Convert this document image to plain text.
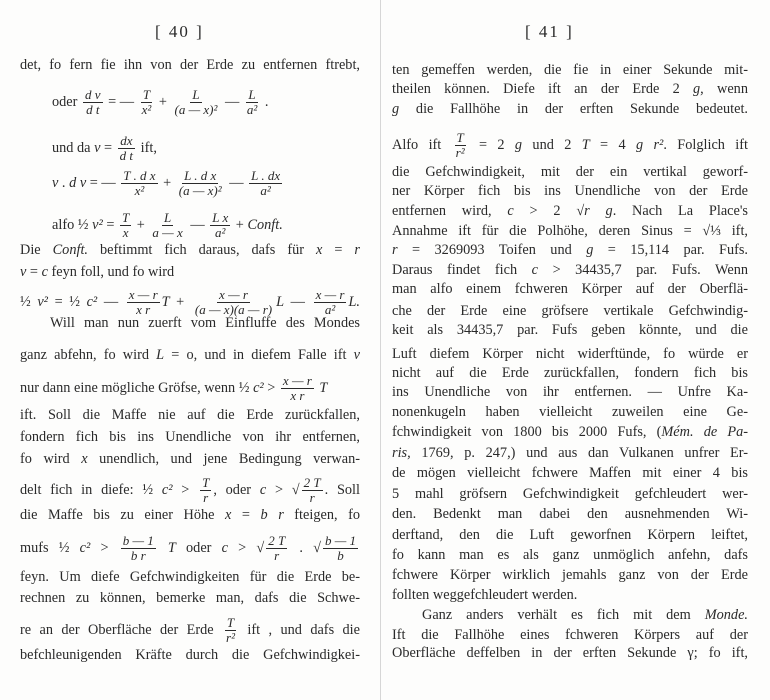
[ 40 ]	[ 41 ]
det, fo fern fie ihn von der Erde zu entfernen ftrebt,
oder $\frac{\text{d v}}{\text{d t}}$ = — $\frac{T}{\text{x²}} + \frac{L}{\text{(a — x)²}}$ — $\frac{L}{\text{a²}}$ .
und da $v = \frac{dx}{\text{d t}}$ ift,
v . d v = — $\frac{\text{T . d x}}{\text{x²}} + \frac{\text{L . d x}}{\text{(a — x)²}}$ — $\frac{L . dx}{\text{a²}}$
alfo ½ $v^2 = \frac{T}{x} + \frac{L}{a — x}$ — $\frac{\text{L x}}{\text{a²}}$ + Conft.
Die Conft. beftimmt fich daraus, dafs für x = r
v = c feyn foll, und fo wird
½ v² = ½ c² — $\frac{x — r}{\text{x r}}$ $T + \frac{x — r}{(a — x)(a — r)}$ L — $\frac{x — r}{\text{a²}} L$.
Will man nun zuerft vom Einfluffe des Mondes
ganz abfehn, fo wird L = o, und in diefem Falle ift v
nur dann eine mögliche Gröfse, wenn ½ $c^2 > \frac{x — r}{\text{x r}}$ T
ift. Soll die Maffe nie auf die Erde zurückfallen,
fondern fich bis ins Unendliche von ihr entfernen,
fo wird x unendlich, und jene Bedingung verwan-
delt fich in diefe: ½ $c^2 > \frac{T}{r}$ , oder c > √ $\frac{2 T}{r}$ . Soll
die Maffe bis zu einer Höhe x = b r fteigen, fo
mufs ½ $c^2 > \frac{b — 1}{\text{b r}}$ T oder c > √ $\frac{2 T}{r}$ . √ $\frac{b — 1}{b}$
feyn. Um diefe Gefchwindigkeiten für die Erde be-
rechnen zu können, bemerke man, dafs die Schwe-
re an der Oberfläche der Erde $\frac{T}{\text{r²}}$ ift , und dafs die
befchleunigenden Kräfte durch die Gefchwindigkei-
ten gemeffen werden, die fie in einer Sekunde mit-
theilen können. Diefe ift an der Erde 2 g, wenn
g die Fallhöhe in der erften Sekunde bedeutet.
Alfo ift $\frac{T}{\text{r²}} = 2$ g und 2 T = 4 g r². Folglich ift
die Gefchwindigkeit, mit der ein vertikal geworf-
ner Körper fich bis ins Unendliche von der Erde
entfernen wird, c > 2 √r g. Nach La Place's
Annahme ift für die Polhöhe, deren Sinus = √⅓ ift,
r = 3269093 Toifen und g = 15,114 par. Fufs.
Daraus findet fich c > 34435,7 par. Fufs. Wenn
man alfo einem fchweren Körper auf der Oberflä-
che der Erde eine gröfsere vertikale Gefchwindig-
keit als 34435,7 par. Fufs geben könnte, und die
Luft diefem Körper nicht widerftünde, fo würde er
nicht auf die Erde zurückfallen, fondern fich bis
ins Unendliche von ihr entfernen. — Unfre Ka-
nonenkugeln haben vielleicht zuweilen eine Ge-
fchwindigkeit von 1800 bis 2000 Fufs, (Mém. de Pa-
ris, 1769, p. 247,) und aus dan Vulkanen unfrer Er-
de mögen vielleicht fchwere Maffen mit einer 4 bis
5 mahl gröfsern Gefchwindigkeit gefchleudert wer-
den. Bedenkt man dabei den ausnehmenden Wi-
derftand, den die Luft geworfnen Körpern leiftet,
fo kann man es als ganz unmöglich anfehn, dafs
fchwere Körper wirklich jemahls ganz von der Erde
follten weggefchleudert werden.
Ganz anders verhält es fich mit dem Monde.
Ift die Fallhöhe eines fchweren Körpers auf der
Oberfläche deffelben in der erften Sekunde γ; fo ift,
